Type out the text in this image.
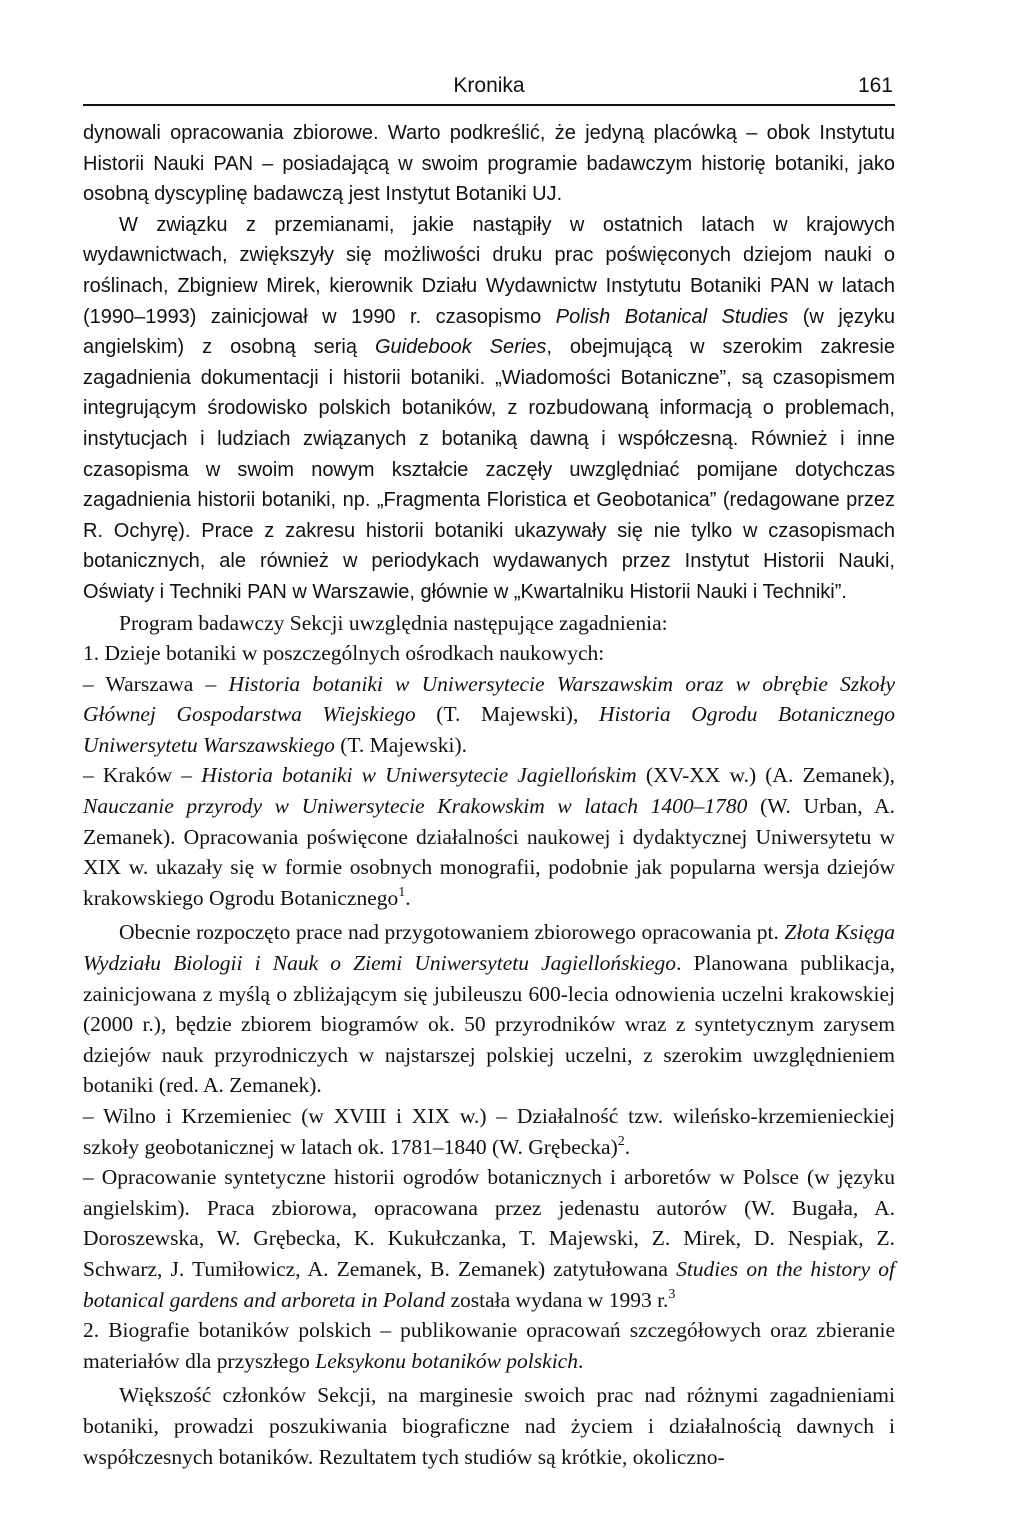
Kronika	161

dynowali opracowania zbiorowe. Warto podkreślić, że jedyną placówką – obok Instytutu Historii Nauki PAN – posiadającą w swoim programie badawczym historię botaniki, jako osobną dyscyplinę badawczą jest Instytut Botaniki UJ.

W związku z przemianami, jakie nastąpiły w ostatnich latach w krajowych wydawnictwach, zwiększyły się możliwości druku prac poświęconych dziejom nauki o roślinach, Zbigniew Mirek, kierownik Działu Wydawnictw Instytutu Botaniki PAN w latach (1990–1993) zainicjował w 1990 r. czasopismo Polish Botanical Studies (w języku angielskim) z osobną serią Guidebook Series, obejmującą w szerokim zakresie zagadnienia dokumentacji i historii botaniki. „Wiadomości Botaniczne”, są czasopismem integrującym środowisko polskich botaników, z rozbudowaną informacją o problemach, instytucjach i ludziach związanych z botaniką dawną i współczesną. Również i inne czasopisma w swoim nowym kształcie zaczęły uwzględniać pomijane dotychczas zagadnienia historii botaniki, np. „Fragmenta Floristica et Geobotanica” (redagowane przez R. Ochyrę). Prace z zakresu historii botaniki ukazywały się nie tylko w czasopismach botanicznych, ale również w periodykach wydawanych przez Instytut Historii Nauki, Oświaty i Techniki PAN w Warszawie, głównie w „Kwartalniku Historii Nauki i Techniki”.

Program badawczy Sekcji uwzględnia następujące zagadnienia:

1. Dzieje botaniki w poszczególnych ośrodkach naukowych:

– Warszawa – Historia botaniki w Uniwersytecie Warszawskim oraz w obrębie Szkoły Głównej Gospodarstwa Wiejskiego (T. Majewski), Historia Ogrodu Botanicznego Uniwersytetu Warszawskiego (T. Majewski).

– Kraków – Historia botaniki w Uniwersytecie Jagiellońskim (XV-XX w.) (A. Zemanek), Nauczanie przyrody w Uniwersytecie Krakowskim w latach 1400–1780 (W. Urban, A. Zemanek). Opracowania poświęcone działalności naukowej i dydaktycznej Uniwersytetu w XIX w. ukazały się w formie osobnych monografii, podobnie jak popularna wersja dziejów krakowskiego Ogrodu Botanicznego$^1$.

Obecnie rozpoczęto prace nad przygotowaniem zbiorowego opracowania pt. Złota Księga Wydziału Biologii i Nauk o Ziemi Uniwersytetu Jagiellońskiego. Planowana publikacja, zainicjowana z myślą o zbliżającym się jubileuszu 600-lecia odnowienia uczelni krakowskiej (2000 r.), będzie zbiorem biogramów ok. 50 przyrodników wraz z syntetycznym zarysem dziejów nauk przyrodniczych w najstarszej polskiej uczelni, z szerokim uwzględnieniem botaniki (red. A. Zemanek).

– Wilno i Krzemieniec (w XVIII i XIX w.) – Działalność tzw. wileńsko-krzemienieckiej szkoły geobotanicznej w latach ok. 1781–1840 (W. Grębecka)$^2$.

– Opracowanie syntetyczne historii ogrodów botanicznych i arboretów w Polsce (w języku angielskim). Praca zbiorowa, opracowana przez jedenastu autorów (W. Bugała, A. Doroszewska, W. Grębecka, K. Kukułczanka, T. Majewski, Z. Mirek, D. Nespiak, Z. Schwarz, J. Tumiłowicz, A. Zemanek, B. Zemanek) zatytułowana Studies on the history of botanical gardens and arboreta in Poland została wydana w 1993 r.$^3$

2. Biografie botaników polskich – publikowanie opracowań szczegółowych oraz zbieranie materiałów dla przyszłego Leksykonu botaników polskich.

Większość członków Sekcji, na marginesie swoich prac nad różnymi zagadnieniami botaniki, prowadzi poszukiwania biograficzne nad życiem i działalnością dawnych i współczesnych botaników. Rezultatem tych studiów są krótkie, okoliczno-
